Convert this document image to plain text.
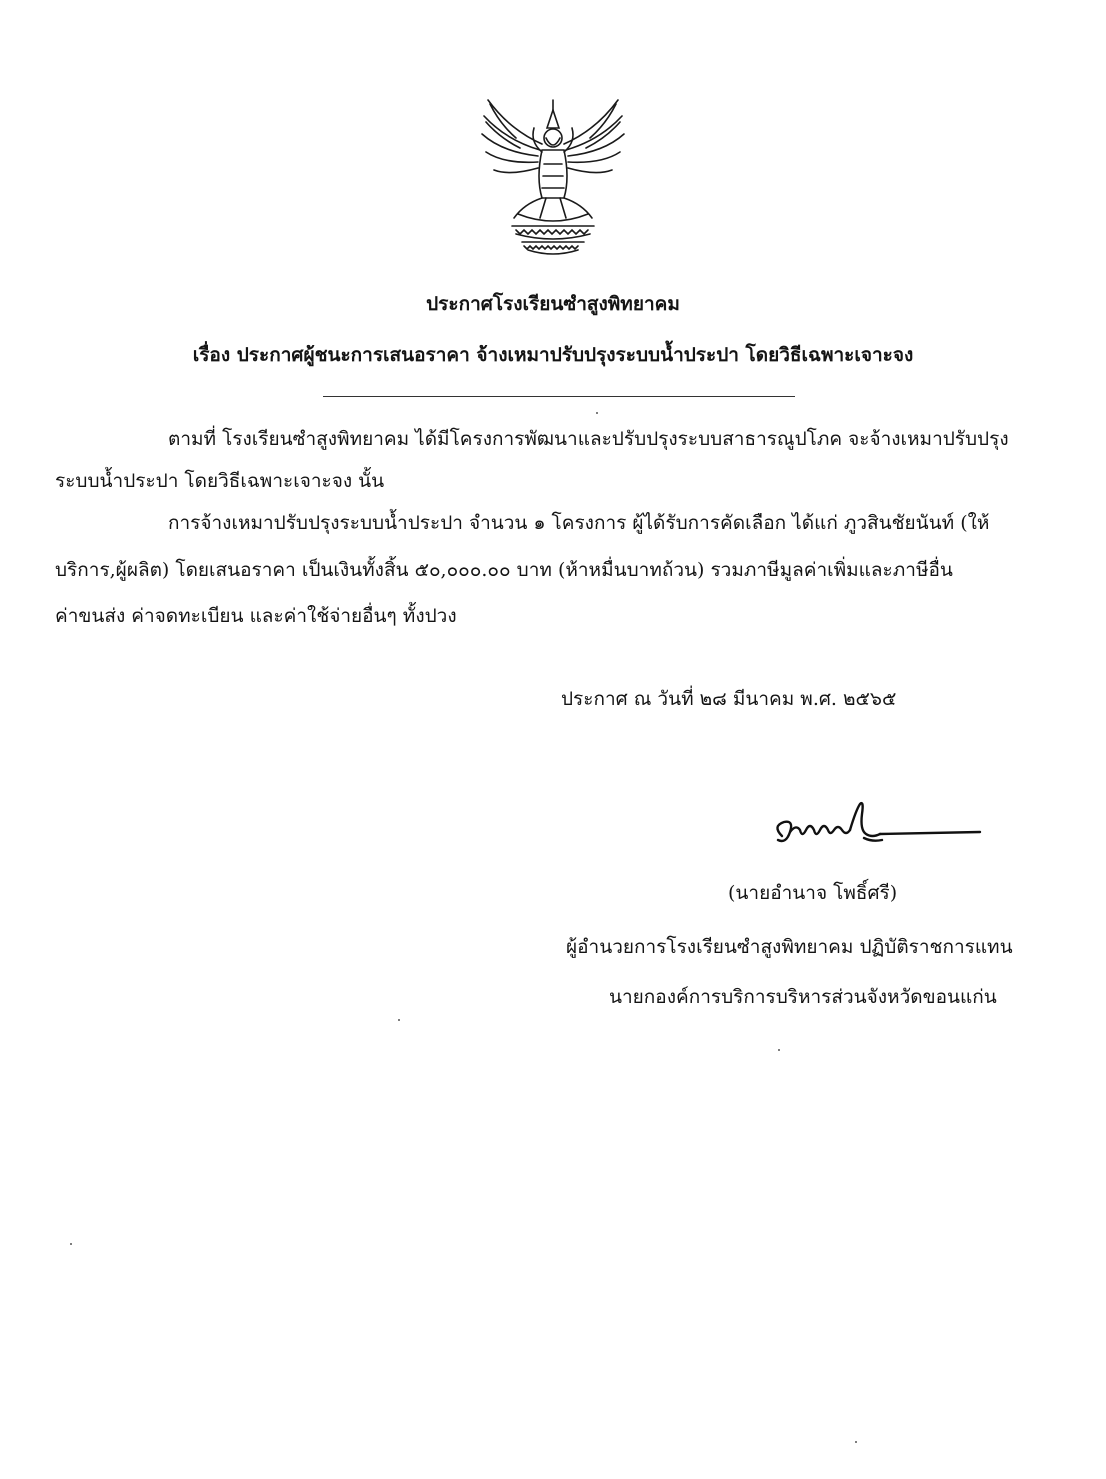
ประกาศโรงเรียนซำสูงพิทยาคม
เรื่อง ประกาศผู้ชนะการเสนอราคา จ้างเหมาปรับปรุงระบบน้ำประปา โดยวิธีเฉพาะเจาะจง
ตามที่ โรงเรียนซำสูงพิทยาคม ได้มีโครงการพัฒนาและปรับปรุงระบบสาธารณูปโภค จะจ้างเหมาปรับปรุง
ระบบน้ำประปา โดยวิธีเฉพาะเจาะจง นั้น
การจ้างเหมาปรับปรุงระบบน้ำประปา จำนวน ๑ โครงการ ผู้ได้รับการคัดเลือก ได้แก่ ภูวสินชัยนันท์ (ให้
บริการ,ผู้ผลิต) โดยเสนอราคา เป็นเงินทั้งสิ้น ๕๐,๐๐๐.๐๐ บาท (ห้าหมื่นบาทถ้วน) รวมภาษีมูลค่าเพิ่มและภาษีอื่น
ค่าขนส่ง ค่าจดทะเบียน และค่าใช้จ่ายอื่นๆ ทั้งปวง
ประกาศ ณ วันที่ ๒๘ มีนาคม พ.ศ. ๒๕๖๕
(นายอำนาจ โพธิ์ศรี)
ผู้อำนวยการโรงเรียนซำสูงพิทยาคม ปฏิบัติราชการแทน
นายกองค์การบริการบริหารส่วนจังหวัดขอนแก่น
